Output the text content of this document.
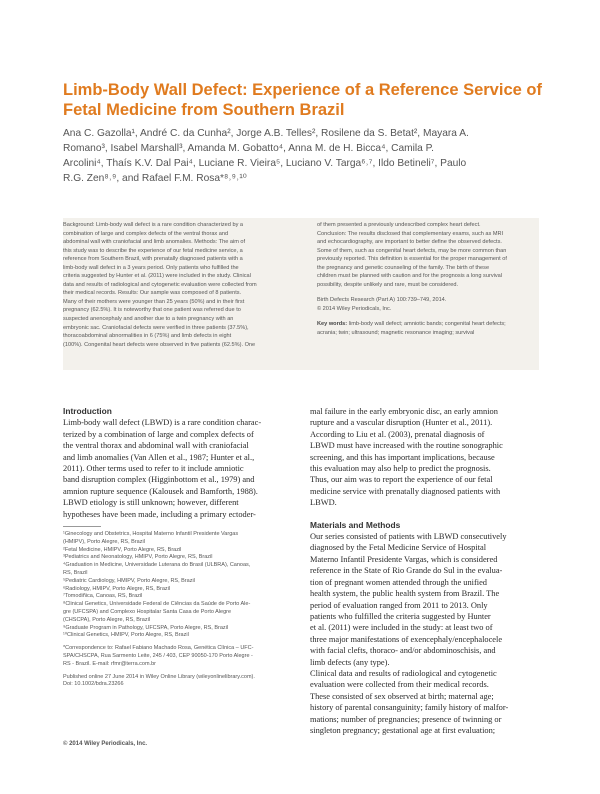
Limb-Body Wall Defect: Experience of a Reference Service of
Fetal Medicine from Southern Brazil
Ana C. Gazolla¹, André C. da Cunha², Jorge A.B. Telles², Rosilene da S. Betat², Mayara A.
Romano³, Isabel Marshall³, Amanda M. Gobatto⁴, Anna M. de H. Bicca⁴, Camila P.
Arcolini⁴, Thaís K.V. Dal Pai⁴, Luciane R. Vieira⁵, Luciano V. Targa⁶˒⁷, Ildo Betineli⁷, Paulo
R.G. Zen⁸˒⁹, and Rafael F.M. Rosa*⁸˒⁹˒¹⁰
Background: Limb-body wall defect is a rare condition characterized by a
combination of large and complex defects of the ventral thorax and
abdominal wall with craniofacial and limb anomalies. Methods: The aim of
this study was to describe the experience of our fetal medicine service, a
reference from Southern Brazil, with prenatally diagnosed patients with a
limb-body wall defect in a 3 years period. Only patients who fulfilled the
criteria suggested by Hunter et al. (2011) were included in the study. Clinical
data and results of radiological and cytogenetic evaluation were collected from
their medical records. Results: Our sample was composed of 8 patients.
Many of their mothers were younger than 25 years (50%) and in their first
pregnancy (62.5%). It is noteworthy that one patient was referred due to
suspected anencephaly and another due to a twin pregnancy with an
embryonic sac. Craniofacial defects were verified in three patients (37.5%),
thoracoabdominal abnormalities in 6 (75%) and limb defects in eight
(100%). Congenital heart defects were observed in five patients (62.5%). One
of them presented a previously undescribed complex heart defect.
Conclusion: The results disclosed that complementary exams, such as MRI
and echocardiography, are important to better define the observed defects.
Some of them, such as congenital heart defects, may be more common than
previously reported. This definition is essential for the proper management of
the pregnancy and genetic counseling of the family. The birth of these
children must be planned with caution and for the prognosis a long survival
possibility, despite unlikely and rare, must be considered.
Birth Defects Research (Part A) 100:739–749, 2014.
© 2014 Wiley Periodicals, Inc.
Key words: limb-body wall defect; amniotic bands; congenital heart defects;
acrania; twin; ultrasound; magnetic resonance imaging; survival
Introduction
Limb-body wall defect (LBWD) is a rare condition charac-
terized by a combination of large and complex defects of
the ventral thorax and abdominal wall with craniofacial
and limb anomalies (Van Allen et al., 1987; Hunter et al.,
2011). Other terms used to refer to it include amniotic
band disruption complex (Higginbottom et al., 1979) and
amnion rupture sequence (Kalousek and Bamforth, 1988).
LBWD etiology is still unknown; however, different
hypotheses have been made, including a primary ectoder-
¹Ginecology and Obstetrics, Hospital Materno Infantil Presidente Vargas
(HMIPV), Porto Alegre, RS, Brazil
²Fetal Medicine, HMIPV, Porto Alegre, RS, Brazil
³Pediatrics and Neonatology, HMIPV, Porto Alegre, RS, Brazil
⁴Graduation in Medicine, Universidade Luterana do Brasil (ULBRA), Canoas,
RS, Brazil
⁵Pediatric Cardiology, HMIPV, Porto Alegre, RS, Brazil
⁶Radiology, HMIPV, Porto Alegre, RS, Brazil
⁷Tomodiñica, Canoas, RS, Brazil
⁸Clinical Genetics, Universidade Federal de Ciências da Saúde de Porto Ale-
gre (UFCSPA) and Complexo Hospitalar Santa Casa de Porto Alegre
(CHSCPA), Porto Alegre, RS, Brazil
⁹Graduate Program in Pathology, UFCSPA, Porto Alegre, RS, Brazil
¹⁰Clinical Genetics, HMIPV, Porto Alegre, RS, Brazil
*Correspondence to: Rafael Fabiano Machado Rosa, Genética Clínica – UFC-
SPA/CHSCPA, Rua Sarmento Leite, 245 / 403, CEP 90050-170 Porto Alegre -
RS - Brazil. E-mail: rfmr@terra.com.br
Published online 27 June 2014 in Wiley Online Library (wileyonlinelibrary.com).
Doi: 10.1002/bdra.23266
mal failure in the early embryonic disc, an early amnion
rupture and a vascular disruption (Hunter et al., 2011).
According to Liu et al. (2003), prenatal diagnosis of
LBWD must have increased with the routine sonographic
screening, and this has important implications, because
this evaluation may also help to predict the prognosis.
Thus, our aim was to report the experience of our fetal
medicine service with prenatally diagnosed patients with
LBWD.
Materials and Methods
Our series consisted of patients with LBWD consecutively
diagnosed by the Fetal Medicine Service of Hospital
Materno Infantil Presidente Vargas, which is considered
reference in the State of Rio Grande do Sul in the evalua-
tion of pregnant women attended through the unified
health system, the public health system from Brazil. The
period of evaluation ranged from 2011 to 2013. Only
patients who fulfilled the criteria suggested by Hunter
et al. (2011) were included in the study: at least two of
three major manifestations of exencephaly/encephalocele
with facial clefts, thoraco- and/or abdominoschisis, and
limb defects (any type).
Clinical data and results of radiological and cytogenetic
evaluation were collected from their medical records.
These consisted of sex observed at birth; maternal age;
history of parental consanguinity; family history of malfor-
mations; number of pregnancies; presence of twinning or
singleton pregnancy; gestational age at first evaluation;
© 2014 Wiley Periodicals, Inc.
